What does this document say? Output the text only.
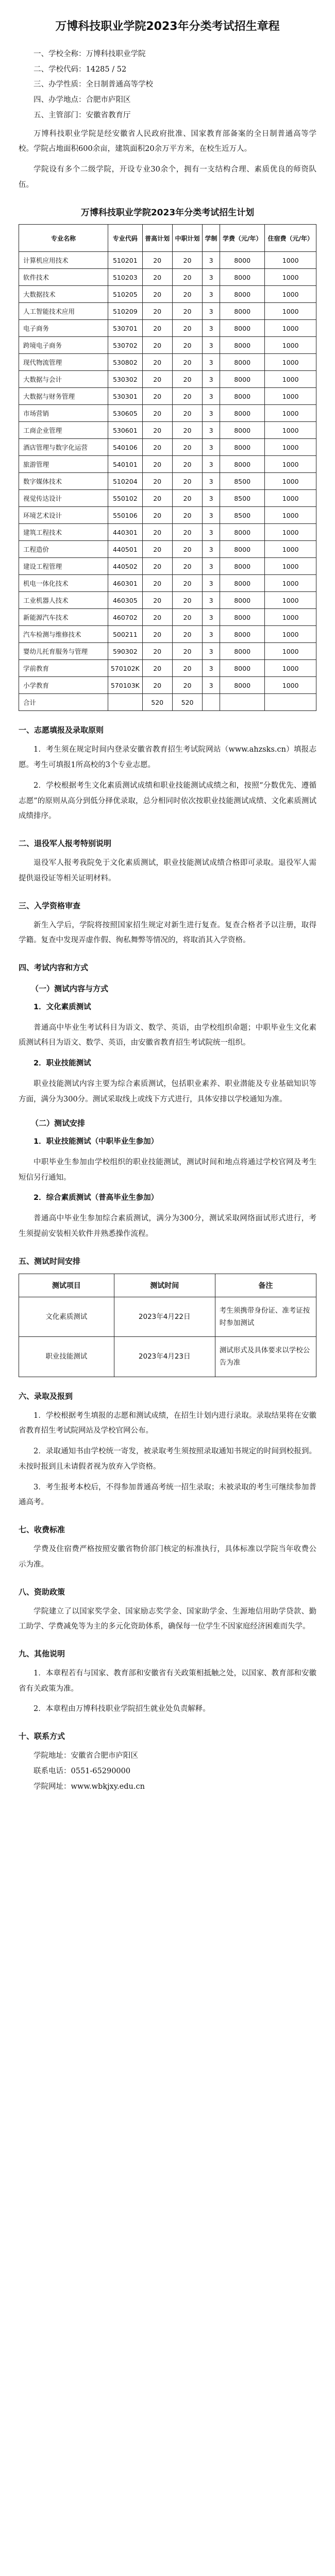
万博科技职业学院2023年分类考试招生章程

一、学校全称：万博科技职业学院

二、学校代码：14285 / 52

三、办学性质：全日制普通高等学校

四、办学地点：合肥市庐阳区

五、主管部门：安徽省教育厅

万博科技职业学院是经安徽省人民政府批准、国家教育部备案的全日制普通高等学校。学院占地面积600余亩，建筑面积20余万平方米，在校生近万人。

学院设有多个二级学院，开设专业30余个，拥有一支结构合理、素质优良的师资队伍。

万博科技职业学院2023年分类考试招生计划
专业名称	专业代码	普高计划	中职计划	学制	学费（元/年）	住宿费（元/年）
计算机应用技术	510201	20	20	3	8000	1000
软件技术	510203	20	20	3	8000	1000
大数据技术	510205	20	20	3	8000	1000
人工智能技术应用	510209	20	20	3	8000	1000
电子商务	530701	20	20	3	8000	1000
跨境电子商务	530702	20	20	3	8000	1000
现代物流管理	530802	20	20	3	8000	1000
大数据与会计	530302	20	20	3	8000	1000
大数据与财务管理	530301	20	20	3	8000	1000
市场营销	530605	20	20	3	8000	1000
工商企业管理	530601	20	20	3	8000	1000
酒店管理与数字化运营	540106	20	20	3	8000	1000
旅游管理	540101	20	20	3	8000	1000
数字媒体技术	510204	20	20	3	8500	1000
视觉传达设计	550102	20	20	3	8500	1000
环境艺术设计	550106	20	20	3	8500	1000
建筑工程技术	440301	20	20	3	8000	1000
工程造价	440501	20	20	3	8000	1000
建设工程管理	440502	20	20	3	8000	1000
机电一体化技术	460301	20	20	3	8000	1000
工业机器人技术	460305	20	20	3	8000	1000
新能源汽车技术	460702	20	20	3	8000	1000
汽车检测与维修技术	500211	20	20	3	8000	1000
婴幼儿托育服务与管理	590302	20	20	3	8000	1000
学前教育	570102K	20	20	3	8000	1000
小学教育	570103K	20	20	3	8000	1000
合计		520	520			
一、志愿填报及录取原则

1．考生须在规定时间内登录安徽省教育招生考试院网站（www.ahzsks.cn）填报志愿。考生可填报1所高校的3个专业志愿。

2．学校根据考生文化素质测试成绩和职业技能测试成绩之和，按照“分数优先、遵循志愿”的原则从高分到低分择优录取，总分相同时依次按职业技能测试成绩、文化素质测试成绩排序。

二、退役军人报考特别说明

退役军人报考我院免于文化素质测试，职业技能测试成绩合格即可录取。退役军人需提供退役证等相关证明材料。

三、入学资格审查

新生入学后，学院将按照国家招生规定对新生进行复查。复查合格者予以注册，取得学籍。复查中发现弄虚作假、徇私舞弊等情况的，将取消其入学资格。

四、考试内容和方式
（一）测试内容与方式

1．文化素质测试

普通高中毕业生考试科目为语文、数学、英语，由学校组织命题；中职毕业生文化素质测试科目为语文、数学、英语，由安徽省教育招生考试院统一组织。

2．职业技能测试

职业技能测试内容主要为综合素质测试，包括职业素养、职业潜能及专业基础知识等方面，满分为300分。测试采取线上或线下方式进行，具体安排以学校通知为准。

（二）测试安排

1．职业技能测试（中职毕业生参加）

中职毕业生参加由学校组织的职业技能测试，测试时间和地点将通过学校官网及考生短信另行通知。

2．综合素质测试（普高毕业生参加）

普通高中毕业生参加综合素质测试，满分为300分，测试采取网络面试形式进行，考生须提前安装相关软件并熟悉操作流程。

五、测试时间安排
测试项目	测试时间	备注
文化素质测试	2023年4月22日	考生须携带身份证、准考证按时参加测试
职业技能测试	2023年4月23日	测试形式及具体要求以学校公告为准
六、录取及报到

1．学校根据考生填报的志愿和测试成绩，在招生计划内进行录取。录取结果将在安徽省教育招生考试院网站及学校官网公布。

2．录取通知书由学校统一寄发，被录取考生须按照录取通知书规定的时间到校报到。未按时报到且未请假者视为放弃入学资格。

3．考生报考本校后，不得参加普通高考统一招生录取；未被录取的考生可继续参加普通高考。

七、收费标准

学费及住宿费严格按照安徽省物价部门核定的标准执行，具体标准以学院当年收费公示为准。

八、资助政策

学院建立了以国家奖学金、国家励志奖学金、国家助学金、生源地信用助学贷款、勤工助学、学费减免等为主的多元化资助体系，确保每一位学生不因家庭经济困难而失学。

九、其他说明

1．本章程若有与国家、教育部和安徽省有关政策相抵触之处，以国家、教育部和安徽省有关政策为准。

2．本章程由万博科技职业学院招生就业处负责解释。

十、联系方式

学院地址：安徽省合肥市庐阳区

联系电话：0551-65290000

学院网址：www.wbkjxy.edu.cn
